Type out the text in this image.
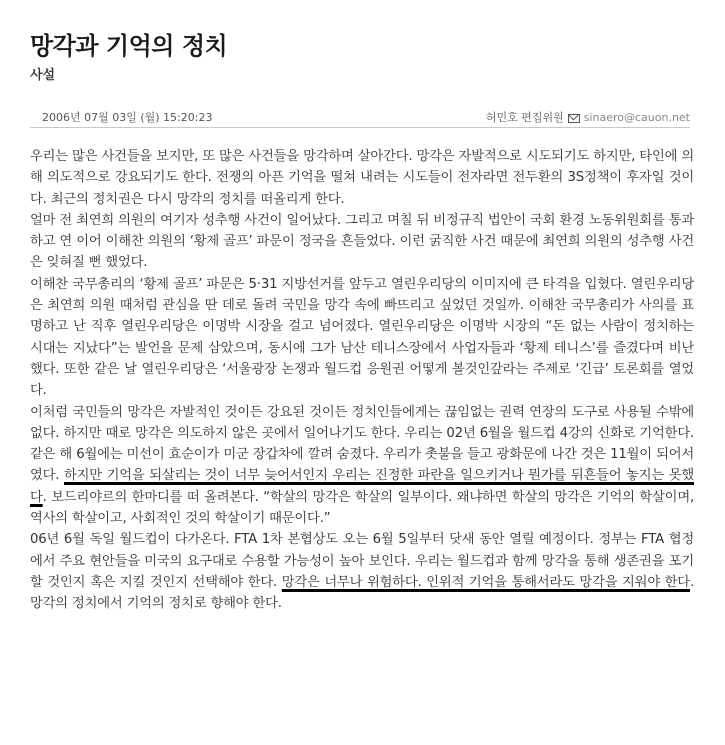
망각과 기억의 정치
사설
2006년 07월 03일 (월) 15:20:23	허민호 편집위원 sinaero@cauon.net

우리는 많은 사건들을 보지만, 또 많은 사건들을 망각하며 살아간다. 망각은 자발적으로 시도되기도 하지만, 타인에 의해 의도적으로 강요되기도 한다. 전쟁의 아픈 기억을 떨쳐 내려는 시도들이 전자라면 전두환의 3S정책이 후자일 것이다. 최근의 정치권은 다시 망각의 정치를 떠올리게 한다.

얼마 전 최연희 의원의 여기자 성추행 사건이 일어났다. 그리고 며칠 뒤 비정규직 법안이 국회 환경 노동위원회를 통과하고 연 이어 이해찬 의원의 ‘황제 골프’ 파문이 정국을 흔들었다. 이런 굵직한 사건 때문에 최연희 의원의 성추행 사건은 잊혀질 뻔 했었다.

이해찬 국무총리의 ‘황제 골프’ 파문은 5·31 지방선거를 앞두고 열린우리당의 이미지에 큰 타격을 입혔다. 열린우리당은 최연희 의원 때처럼 관심을 딴 데로 돌려 국민을 망각 속에 빠뜨리고 싶었던 것일까. 이해찬 국무총리가 사의를 표명하고 난 직후 열린우리당은 이명박 시장을 걸고 넘어졌다. 열린우리당은 이명박 시장의 “돈 없는 사람이 정치하는 시대는 지났다”는 발언을 문제 삼았으며, 동시에 그가 남산 테니스장에서 사업자들과 ‘황제 테니스’를 즐겼다며 비난했다. 또한 같은 날 열린우리당은 ‘서울광장 논쟁과 월드컵 응원권 어떻게 볼것인갚라는 주제로 ‘긴급’ 토론회를 열었다.

이처럼 국민들의 망각은 자발적인 것이든 강요된 것이든 정치인들에게는 끊임없는 권력 연장의 도구로 사용될 수밖에 없다. 하지만 때로 망각은 의도하지 않은 곳에서 일어나기도 한다. 우리는 02년 6월을 월드컵 4강의 신화로 기억한다. 같은 해 6월에는 미선이 효순이가 미군 장갑차에 깔려 숨졌다. 우리가 촛불을 들고 광화문에 나간 것은 11월이 되어서였다. 하지만 기억을 되살리는 것이 너무 늦어서인지 우리는 진정한 파란을 일으키거나 뭔가를 뒤흔들어 놓지는 못했다. 보드리야르의 한마디를 떠 올려본다. “학살의 망각은 학살의 일부이다. 왜냐하면 학살의 망각은 기억의 학살이며, 역사의 학살이고, 사회적인 것의 학살이기 때문이다.”

06년 6월 독일 월드컵이 다가온다. FTA 1차 본협상도 오는 6월 5일부터 닷새 동안 열릴 예정이다. 정부는 FTA 협정에서 주요 현안들을 미국의 요구대로 수용할 가능성이 높아 보인다. 우리는 월드컵과 함께 망각을 통해 생존권을 포기할 것인지 혹은 지킬 것인지 선택해야 한다. 망각은 너무나 위험하다. 인위적 기억을 통해서라도 망각을 지워야 한다. 망각의 정치에서 기억의 정치로 향해야 한다.
